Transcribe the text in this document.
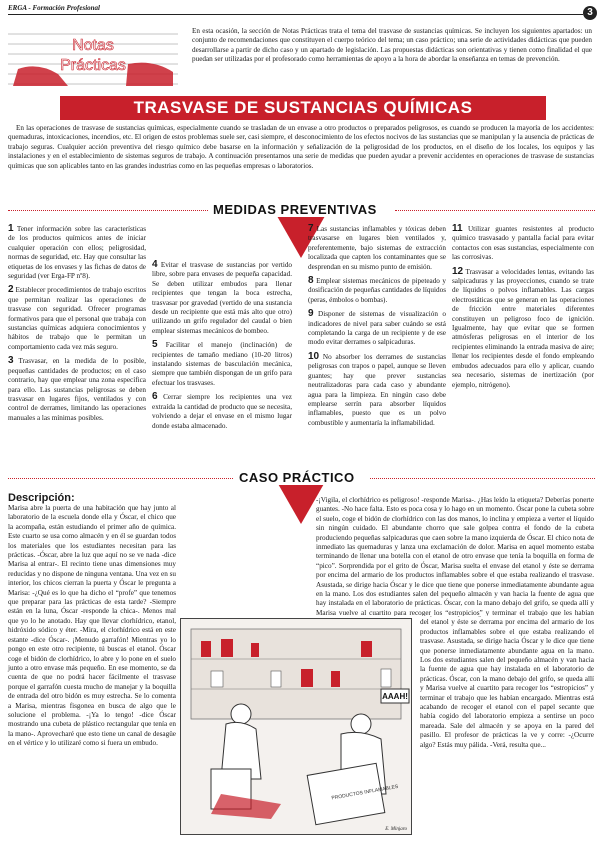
ERGA - Formación Profesional	3
Notas
Prácticas
En esta ocasión, la sección de Notas Prácticas trata el tema del trasvase de sustancias químicas. Se incluyen los siguientes apartados: un conjunto de recomendaciones que constituyen el cuerpo teórico del tema; un caso práctico; una serie de actividades didácticas que pueden desarrollarse a partir de dicho caso y un apartado de legislación. Las propuestas didácticas son orientativas y tienen como finalidad el que puedan ser utilizadas por el profesorado como herramientas de apoyo a la hora de abordar la enseñanza en temas de prevención.
TRASVASE DE SUSTANCIAS QUÍMICAS
En las operaciones de trasvase de sustancias químicas, especialmente cuando se trasladan de un envase a otro productos o preparados peligrosos, es cuando se producen la mayoría de los accidentes: quemaduras, intoxicaciones, incendios, etc. El origen de estos problemas suele ser, casi siempre, el desconocimiento de los efectos nocivos de las sustancias que se manipulan y la ausencia de prácticas de trabajo seguras. Cualquier acción preventiva del riesgo químico debe basarse en la información y señalización de la peligrosidad de los productos, en el diseño de los locales, los equipos y las instalaciones y en el establecimiento de sistemas seguros de trabajo. A continuación presentamos una serie de medidas que pueden ayudar a prevenir accidentes en operaciones de trasvase de sustancias químicas que son aplicables tanto en las grandes industrias como en las pequeñas empresas o laboratorios.
MEDIDAS PREVENTIVAS

1 Tener información sobre las características de los productos químicos antes de iniciar cualquier operación con ellos; peligrosidad, normas de seguridad, etc. Hay que consultar las etiquetas de los envases y las fichas de datos de seguridad (ver Erga-FP nº8).

2 Establecer procedimientos de trabajo escritos que permitan realizar las operaciones de trasvase con seguridad. Ofrecer programas formativos para que el personal que trabaja con sustancias químicas adquiera conocimientos y hábitos de trabajo que le permitan un comportamiento cada vez más seguro.

3 Trasvasar, en la medida de lo posible, pequeñas cantidades de productos; en el caso contrario, hay que emplear una zona específica para ello. Las sustancias peligrosas se deben trasvasar en lugares fijos, ventilados y con control de derrames, limitando las operaciones manuales a las mínimas posibles.

4 Evitar el trasvase de sustancias por vertido libre, sobre para envases de pequeña capacidad. Se deben utilizar embudos para llenar recipientes que tengan la boca estrecha, trasvasar por gravedad (vertido de una sustancia desde un recipiente que está más alto que otro) utilizando un grifo regulador del caudal o bien emplear sistemas mecánicos de bombeo.

5 Facilitar el manejo (inclinación) de recipientes de tamaño mediano (10-20 litros) instalando sistemas de basculación mecánica, siempre que también dispongan de un grifo para efectuar los trasvases.

6 Cerrar siempre los recipientes una vez extraída la cantidad de producto que se necesita, volviendo a dejar el envase en el mismo lugar donde estaba almacenado.

7 Las sustancias inflamables y tóxicas deben trasvasarse en lugares bien ventilados y, preferentemente, bajo sistemas de extracción localizada que capten los contaminantes que se desprendan en su mismo punto de emisión.

8 Emplear sistemas mecánicos de pipeteado y dosificación de pequeñas cantidades de líquidos (peras, émbolos o bombas).

9 Disponer de sistemas de visualización o indicadores de nivel para saber cuándo se está completando la carga de un recipiente y de ese modo evitar derrames o salpicaduras.

10 No absorber los derrames de sustancias peligrosas con trapos o papel, aunque se lleven guantes; hay que prever sustancias neutralizadoras para cada caso y abundante agua para la limpieza. En ningún caso debe emplearse serrín para absorber líquidos inflamables, puesto que es un polvo combustible y aumentaría la inflamabilidad.

11 Utilizar guantes resistentes al producto químico trasvasado y pantalla facial para evitar contactos con esas sustancias, especialmente con las corrosivas.

12 Trasvasar a velocidades lentas, evitando las salpicaduras y las proyecciones, cuando se trate de líquidos o polvos inflamables. Las cargas electrostáticas que se generan en las operaciones de fricción entre materiales diferentes constituyen un peligroso foco de ignición. Igualmente, hay que evitar que se formen atmósferas peligrosas en el interior de los recipientes eliminando la entrada masiva de aire; llenar los recipientes desde el fondo empleando embudos adecuados para ello y aplicar, cuando sea necesario, sistemas de inertización (por ejemplo, nitrógeno).

CASO PRÁCTICO
Descripción:

Marisa abre la puerta de una habitación que hay junto al laboratorio de la escuela donde ella y Óscar, el chico que la acompaña, están estudiando el primer año de química. Este cuarto se usa como almacén y en él se guardan todos los materiales que los estudiantes necesitan para las prácticas. -Óscar, abre la luz que aquí no se ve nada -dice Marisa al entrar-. El recinto tiene unas dimensiones muy reducidas y no dispone de ninguna ventana. Una vez en su interior, los chicos cierran la puerta y Óscar le pregunta a Marisa: -¿Qué es lo que ha dicho el “profe” que tenemos que preparar para las prácticas de esta tarde? -Siempre están en la luna, Óscar -responde la chica-. Menos mal que yo lo he anotado. Hay que llevar clorhídrico, etanol, hidróxido sódico y éter. -Mira, el clorhídrico está en este estante -dice Óscar-. ¡Menudo garrafón! Mientras yo lo pongo en este otro recipiente, tú buscas el etanol. Óscar coge el bidón de clorhídrico, lo abre y lo pone en el suelo junto a otro envase más pequeño. En ese momento, se da cuenta de que no podrá hacer fácilmente el trasvase porque el garrafón cuesta mucho de manejar y la boquilla de entrada del otro bidón es muy estrecha. Se lo comenta a Marisa, mientras fisgonea en busca de algo que le solucione el problema. -¡Ya lo tengo! -dice Óscar mostrando una cubeta de plástico rectangular que tenía en la mano-. Aprovecharé que esto tiene un canal de desagüe en el vértice y lo utilizaré como si fuera un embudo.

-¡Vigila, el clorhídrico es peligroso! -responde Marisa-. ¿Has leído la etiqueta? Deberías ponerte guantes. -No hace falta. Esto es poca cosa y lo hago en un momento. Óscar pone la cubeta sobre el suelo, coge el bidón de clorhídrico con las dos manos, lo inclina y empieza a verter el líquido sin ningún cuidado. El abundante chorro que sale golpea contra el fondo de la cubeta produciendo pequeñas salpicaduras que caen sobre la mano izquierda de Óscar. El chico nota de inmediato las quemaduras y lanza una exclamación de dolor. Marisa en aquel momento estaba terminando de llenar una botella con el etanol de otro envase que tenía la boquilla en forma de “pico”. Sorprendida por el grito de Óscar, Marisa suelta el envase del etanol y éste se derrama por encima del armario de los productos inflamables sobre el que estaba realizando el trasvase. Asustada, se dirige hacia Óscar y le dice que tiene que ponerse inmediatamente abundante agua en la mano. Los dos estudiantes salen del pequeño almacén y van hacia la fuente de agua que hay instalada en el laboratorio de prácticas. Óscar, con la mano debajo del grifo, se queda allí y Marisa vuelve al cuartito para recoger los “estropicios” y terminar el trabajo que les habían

del etanol y éste se derrama por encima del armario de los productos inflamables sobre el que estaba realizando el trasvase. Asustada, se dirige hacia Óscar y le dice que tiene que ponerse inmediatamente abundante agua en la mano. Los dos estudiantes salen del pequeño almacén y van hacia la fuente de agua que hay instalada en el laboratorio de prácticas. Óscar, con la mano debajo del grifo, se queda allí y Marisa vuelve al cuartito para recoger los “estropicios” y terminar el trabajo que les habían encargado. Mientras está acabando de recoger el etanol con el papel secante que había cogido del laboratorio empieza a sentirse un poco mareada. Sale del almacén y se apoya en la pared del pasillo. El profesor de prácticas la ve y corre: -¿Ocurre algo? Estás muy pálida. -Verá, resulta que...

PRODUCTOS INFLAMABLES
AAAH!
E. Minjaro
